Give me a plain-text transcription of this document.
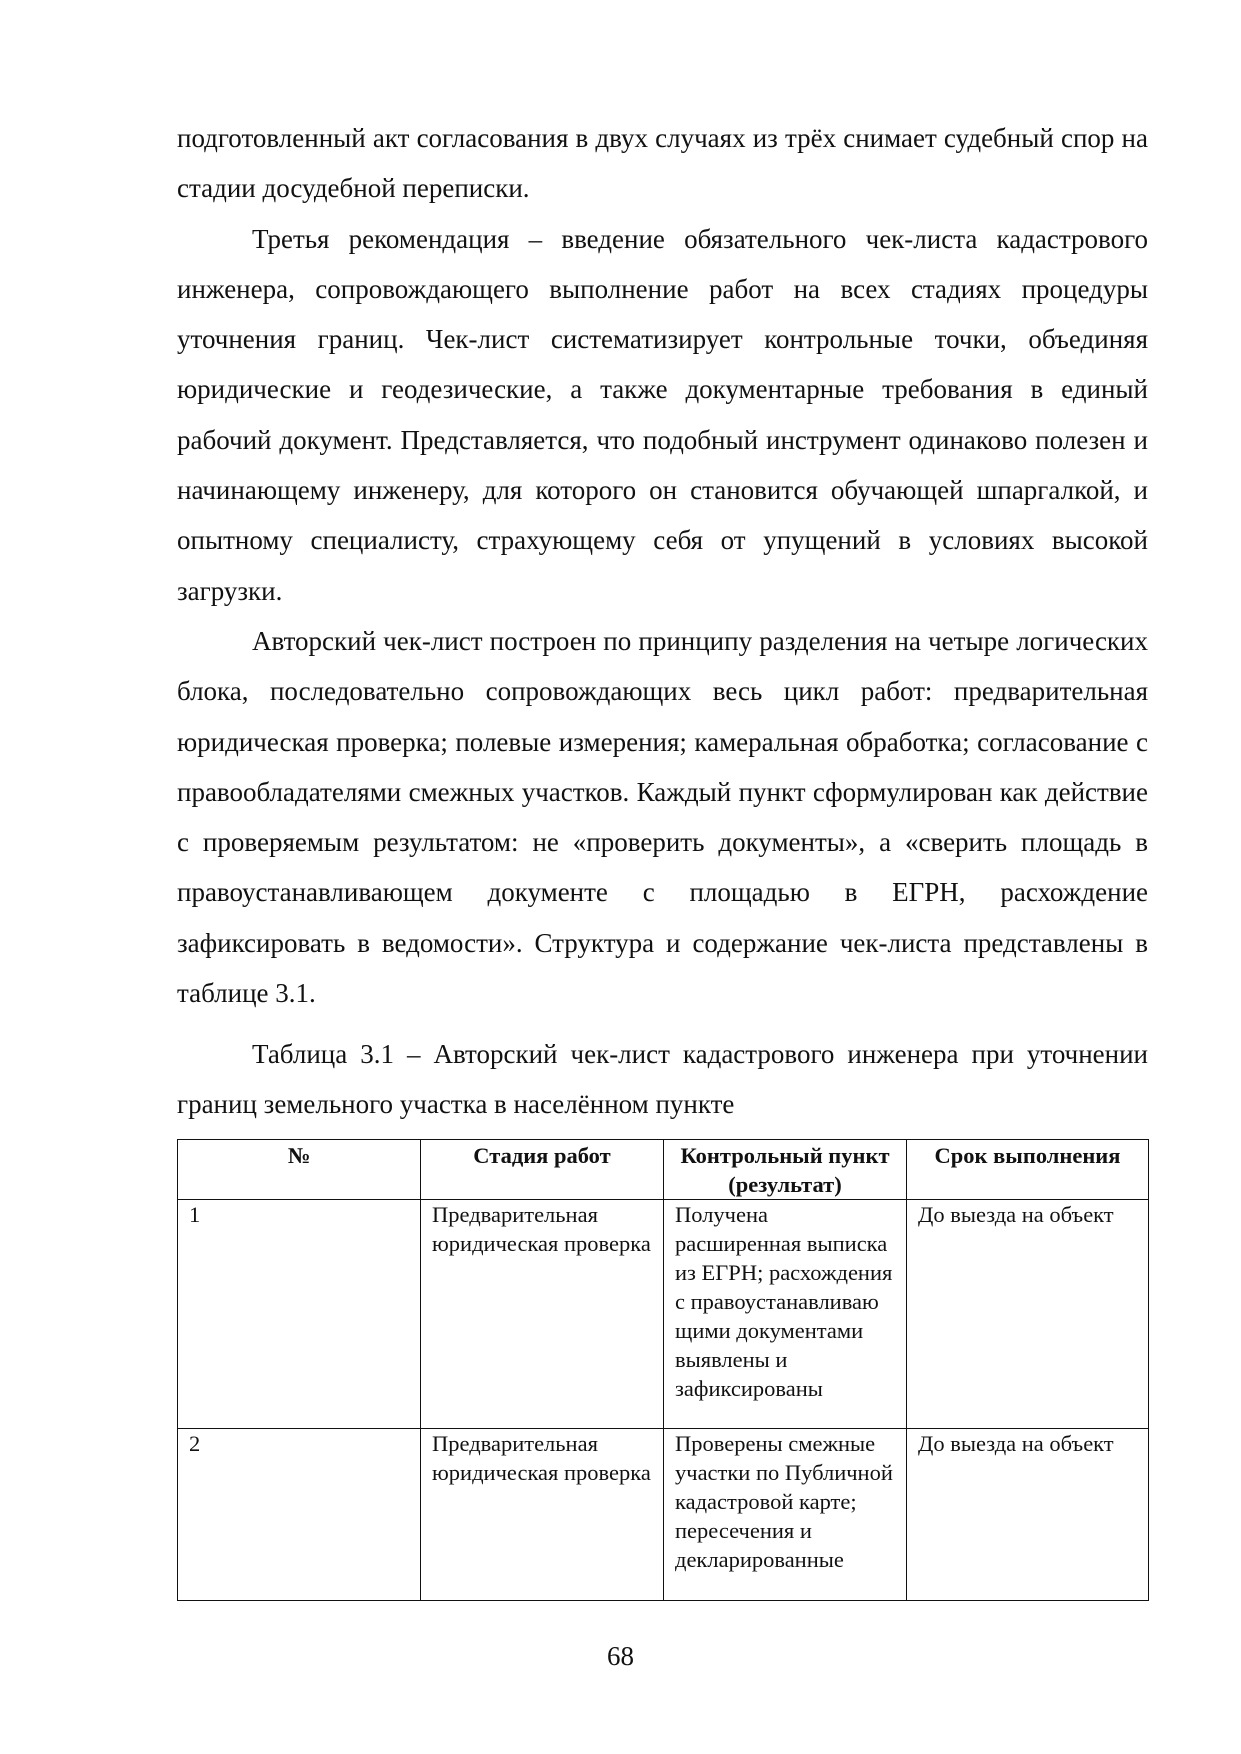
подготовленный акт согласования в двух случаях из трёх снимает судебный спор на стадии досудебной переписки.

Третья рекомендация – введение обязательного чек-листа кадастрового инженера, сопровождающего выполнение работ на всех стадиях процедуры уточнения границ. Чек-лист систематизирует контрольные точки, объединяя юридические и геодезические, а также документарные требования в единый рабочий документ. Представляется, что подобный инструмент одинаково полезен и начинающему инженеру, для которого он становится обучающей шпаргалкой, и опытному специалисту, страхующему себя от упущений в условиях высокой загрузки.

Авторский чек-лист построен по принципу разделения на четыре логических блока, последовательно сопровождающих весь цикл работ: предварительная юридическая проверка; полевые измерения; камеральная обработка; согласование с правообладателями смежных участков. Каждый пункт сформулирован как действие с проверяемым результатом: не «проверить документы», а «сверить площадь в правоустанавливающем документе с площадью в ЕГРН, расхождение зафиксировать в ведомости». Структура и содержание чек-листа представлены в таблице 3.1.

Таблица 3.1 – Авторский чек-лист кадастрового инженера при уточнении границ земельного участка в населённом пункте

№	Стадия работ	Контрольный пункт (результат)	Срок выполнения
1	Предварительная юридическая проверка	Получена расширенная выписка из ЕГРН; расхождения с правоустанавливаю щими документами выявлены и зафиксированы	До выезда на объект
2	Предварительная юридическая проверка	Проверены смежные участки по Публичной кадастровой карте; пересечения и декларированные	До выезда на объект
68
